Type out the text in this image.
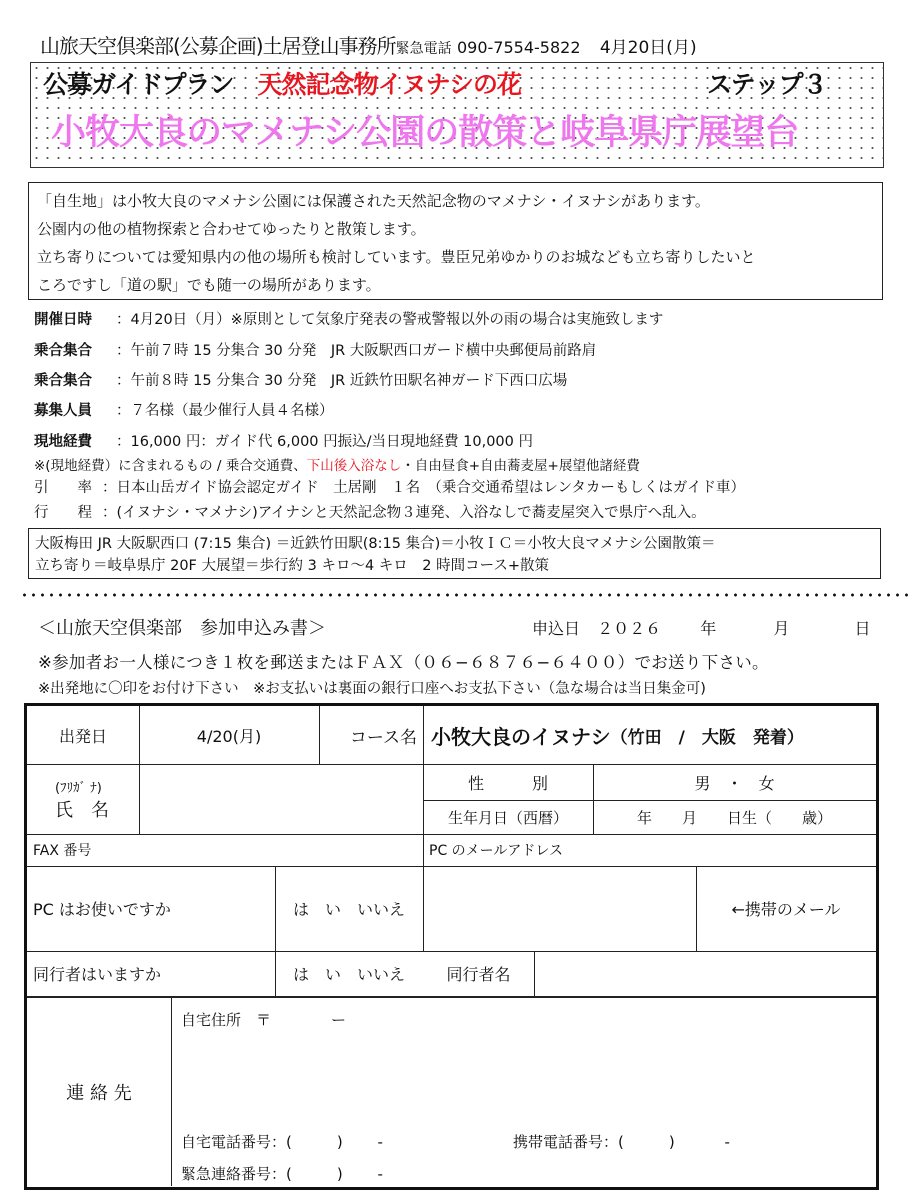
山旅天空倶楽部(公募企画)土居登山事務所緊急電話 090-7554-5822 4月20日(月)
公募ガイドプラン 天然記念物イヌナシの花	ステップ３
小牧大良のマメナシ公園の散策と岐阜県庁展望台
「自生地」は小牧大良のマメナシ公園には保護された天然記念物のマメナシ・イヌナシがあります。
公園内の他の植物探索と合わせてゆったりと散策します。
立ち寄りについては愛知県内の他の場所も検討しています。豊臣兄弟ゆかりのお城なども立ち寄りしたいと
ころですし「道の駅」でも随一の場所があります。
開催日時 ：4月20日（月）※原則として気象庁発表の警戒警報以外の雨の場合は実施致します
乗合集合 ：午前７時 15 分集合 30 分発　JR 大阪駅西口ガード横中央郵便局前路肩
乗合集合 ：午前８時 15 分集合 30 分発　JR 近鉄竹田駅名神ガード下西口広場
募集人員 ：７名様（最少催行人員４名様）
現地経費 ：16,000 円：ガイド代 6,000 円振込/当日現地経費 10,000 円
※(現地経費）に含まれるもの / 乗合交通費、下山後入浴なし・自由昼食+自由蕎麦屋+展望他諸経費
引　　率 ：日本山岳ガイド協会認定ガイド　土居剛　１名　（乗合交通希望はレンタカーもしくはガイド車）
行　　程 ：(イヌナシ・マメナシ)アイナシと天然記念物３連発、入浴なしで蕎麦屋突入で県庁へ乱入。
大阪梅田 JR 大阪駅西口 (7:15 集合) ＝近鉄竹田駅(8:15 集合)＝小牧ＩＣ＝小牧大良マメナシ公園散策＝
立ち寄り＝岐阜県庁 20F 大展望＝歩行約 3 キロ～4 キロ　2 時間コース+散策
＜山旅天空倶楽部　参加申込み書＞	申込日 ２０２６ 年	月	日
※参加者お一人様につき１枚を郵送またはＦＡＸ（０６−６８７６−６４００）でお送り下さい。
※出発地に〇印をお付け下さい　※お支払いは裏面の銀行口座へお支払下さい（急な場合は当日集金可)
出発日	4/20(月)	コース名 小牧大良のイヌナシ （竹田　/　大阪　発着）
(ﾌﾘｶﾞ ﾅ)
氏　名
性　　　別	男　・　女
生年月日（西暦）	年　　月　　日生（　　歳）
FAX 番号	PC のメールアドレス
PC はお使いですか	は　い　いいえ	←携帯のメール
同行者はいますか	は　い　いいえ	同行者名
連 絡 先
自宅住所　〒　　　　ー
自宅電話番号：(　　　)　　 -	携帯電話番号：(　　　)　　　 -
緊急連絡番号：(　　　)　　 -
